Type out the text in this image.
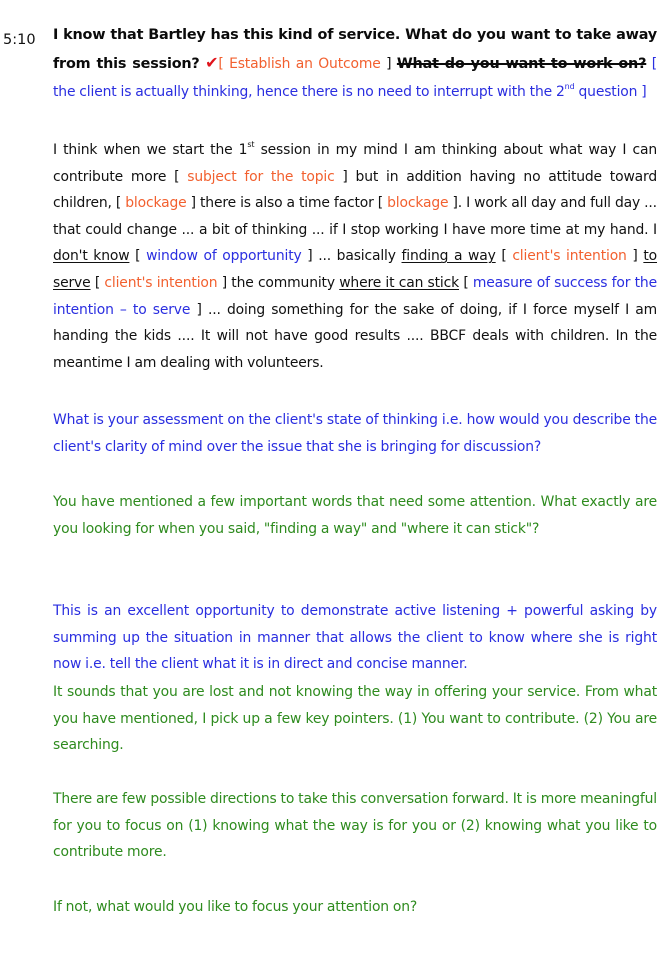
5:10 I know that Bartley has this kind of service. What do you want to take away from this session? ✔[ Establish an Outcome ] What do you want to work on? [ the client is actually thinking, hence there is no need to interrupt with the 2nd question ]
I think when we start the 1st session in my mind I am thinking about what way I can contribute more [ subject for the topic ] but in addition having no attitude toward children, [ blockage ] there is also a time factor [ blockage ]. I work all day and full day ... that could change ... a bit of thinking ... if I stop working I have more time at my hand. I don't know [ window of opportunity ] ... basically finding a way [ client's intention ] to serve [ client's intention ] the community where it can stick [ measure of success for the intention – to serve ] ... doing something for the sake of doing, if I force myself I am handing the kids .... It will not have good results .... BBCF deals with children. In the meantime I am dealing with volunteers.
What is your assessment on the client's state of thinking i.e. how would you describe the client's clarity of mind over the issue that she is bringing for discussion?
You have mentioned a few important words that need some attention. What exactly are you looking for when you said, "finding a way" and "where it can stick"?
This is an excellent opportunity to demonstrate active listening + powerful asking by summing up the situation in manner that allows the client to know where she is right now i.e. tell the client what it is in direct and concise manner.
It sounds that you are lost and not knowing the way in offering your service. From what you have mentioned, I pick up a few key pointers. (1) You want to contribute. (2) You are searching.
There are few possible directions to take this conversation forward. It is more meaningful for you to focus on (1) knowing what the way is for you or (2) knowing what you like to contribute more.
If not, what would you like to focus your attention on?
